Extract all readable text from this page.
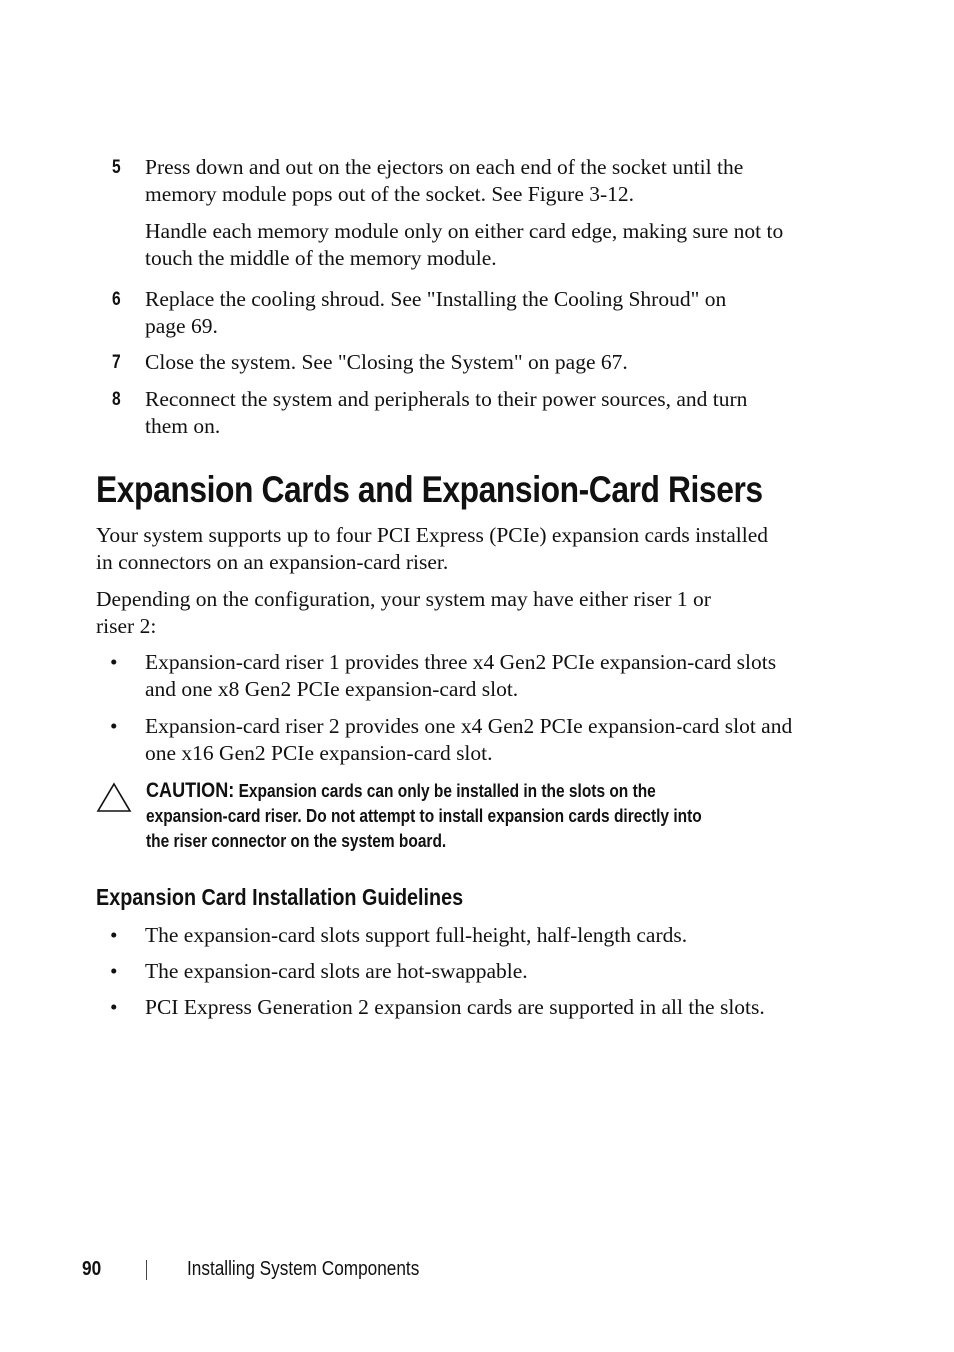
5 Press down and out on the ejectors on each end of the socket until the
memory module pops out of the socket. See Figure 3-12.
Handle each memory module only on either card edge, making sure not to
touch the middle of the memory module.
6 Replace the cooling shroud. See "Installing the Cooling Shroud" on
page 69.
7 Close the system. See "Closing the System" on page 67.
8 Reconnect the system and peripherals to their power sources, and turn
them on.
Expansion Cards and Expansion-Card Risers
Your system supports up to four PCI Express (PCIe) expansion cards installed
in connectors on an expansion-card riser.
Depending on the configuration, your system may have either riser 1 or
riser 2:
• Expansion-card riser 1 provides three x4 Gen2 PCIe expansion-card slots
and one x8 Gen2 PCIe expansion-card slot.
• Expansion-card riser 2 provides one x4 Gen2 PCIe expansion-card slot and
one x16 Gen2 PCIe expansion-card slot.
CAUTION: Expansion cards can only be installed in the slots on the
expansion-card riser. Do not attempt to install expansion cards directly into
the riser connector on the system board.
Expansion Card Installation Guidelines
• The expansion-card slots support full-height, half-length cards.
• The expansion-card slots are hot-swappable.
• PCI Express Generation 2 expansion cards are supported in all the slots.
90	Installing System Components
